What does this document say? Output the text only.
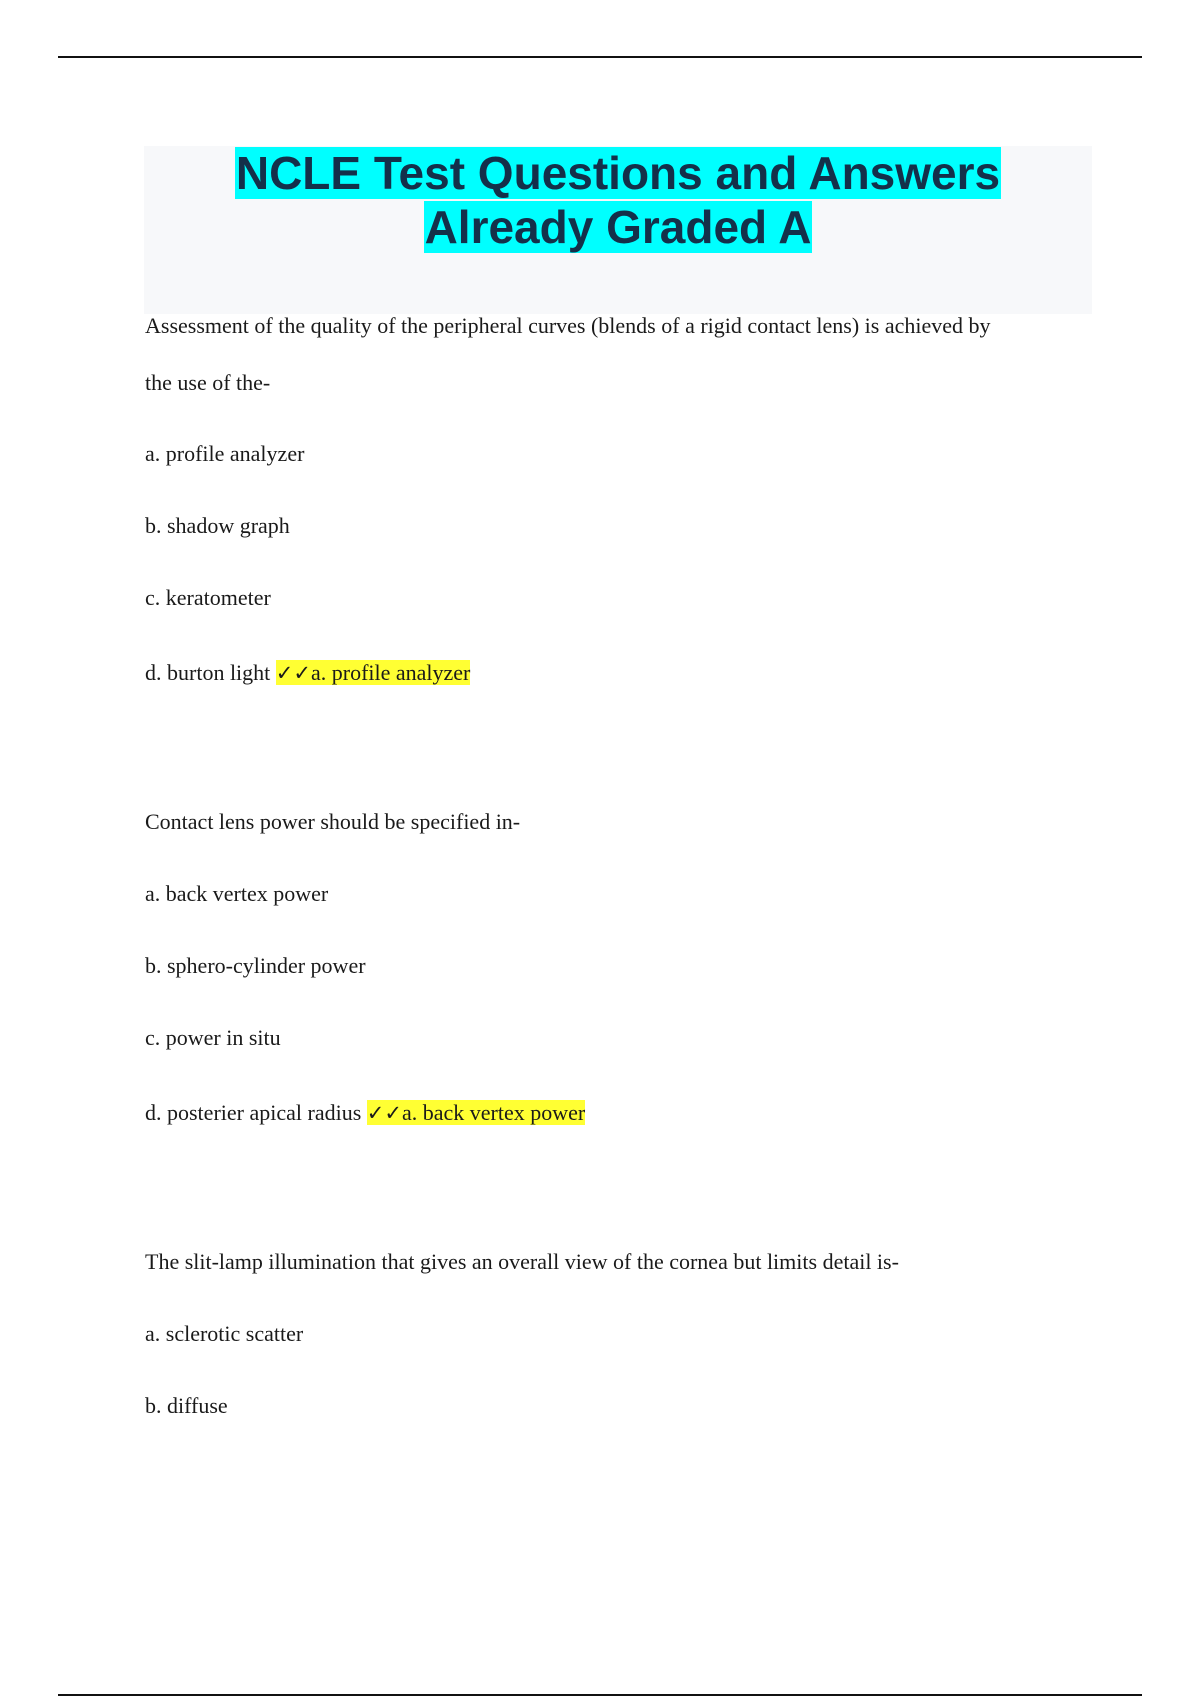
NCLE Test Questions and Answers
Already Graded A
Assessment of the quality of the peripheral curves (blends of a rigid contact lens) is achieved by
the use of the-
a. profile analyzer
b. shadow graph
c. keratometer
d. burton light ✓✓a. profile analyzer
Contact lens power should be specified in-
a. back vertex power
b. sphero-cylinder power
c. power in situ
d. posterier apical radius ✓✓a. back vertex power
The slit-lamp illumination that gives an overall view of the cornea but limits detail is-
a. sclerotic scatter
b. diffuse
